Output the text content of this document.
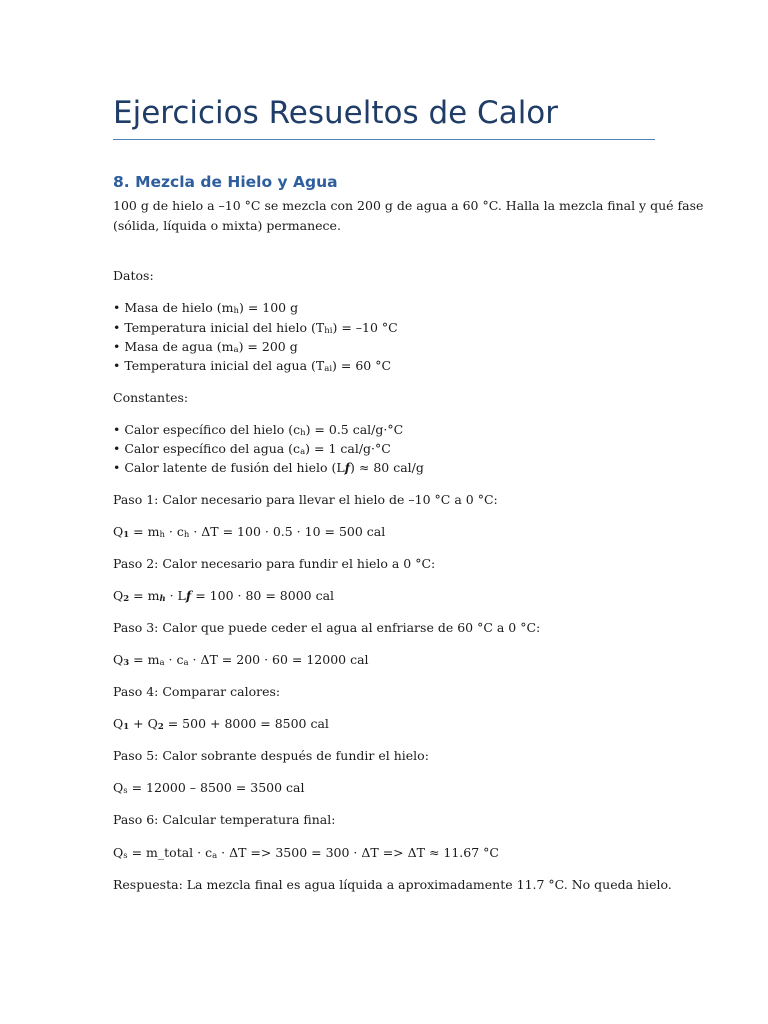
Ejercicios Resueltos de Calor
8. Mezcla de Hielo y Agua

100 g de hielo a –10 °C se mezcla con 200 g de agua a 60 °C. Halla la mezcla final y qué fase

(sólida, líquida o mixta) permanece.

Datos:

• Masa de hielo $(m_h) = 100$ g

• Temperatura inicial del hielo $(T_{hi}) = -10$ °C

• Masa de agua $(m_a) = 200$ g

• Temperatura inicial del agua $(T_{ai}) = 60$ °C

Constantes:

• Calor específico del hielo $(c_h) = 0.5$ cal/g·°C

• Calor específico del agua $(c_a) = 1$ cal/g·°C

• Calor latente de fusión del hielo (Lf) ≈ 80 cal/g

Paso 1: Calor necesario para llevar el hielo de –10 °C a 0 °C:

$Q_1 = m_h \cdot c_h \cdot \Delta T = 100 \cdot 0.5 \cdot 10 = 500$ cal

Paso 2: Calor necesario para fundir el hielo a 0 °C:

$Q_2 = m_h \cdot Lf = 100 \cdot 80 = 8000$ cal

Paso 3: Calor que puede ceder el agua al enfriarse de 60 °C a 0 °C:

$Q_3 = m_a \cdot c_a \cdot \Delta T = 200 \cdot 60 = 12000$ cal

Paso 4: Comparar calores:

$Q_1 + Q_2 = 500 + 8000 = 8500$ cal

Paso 5: Calor sobrante después de fundir el hielo:

$Q_s = 12000 - 8500 = 3500$ cal

Paso 6: Calcular temperatura final:

$Q_s$ = m_total · $c_a \cdot \Delta T => 3500 = 300 \cdot \Delta T => \Delta T \approx 11.67$ °C

Respuesta: La mezcla final es agua líquida a aproximadamente 11.7 °C. No queda hielo.
